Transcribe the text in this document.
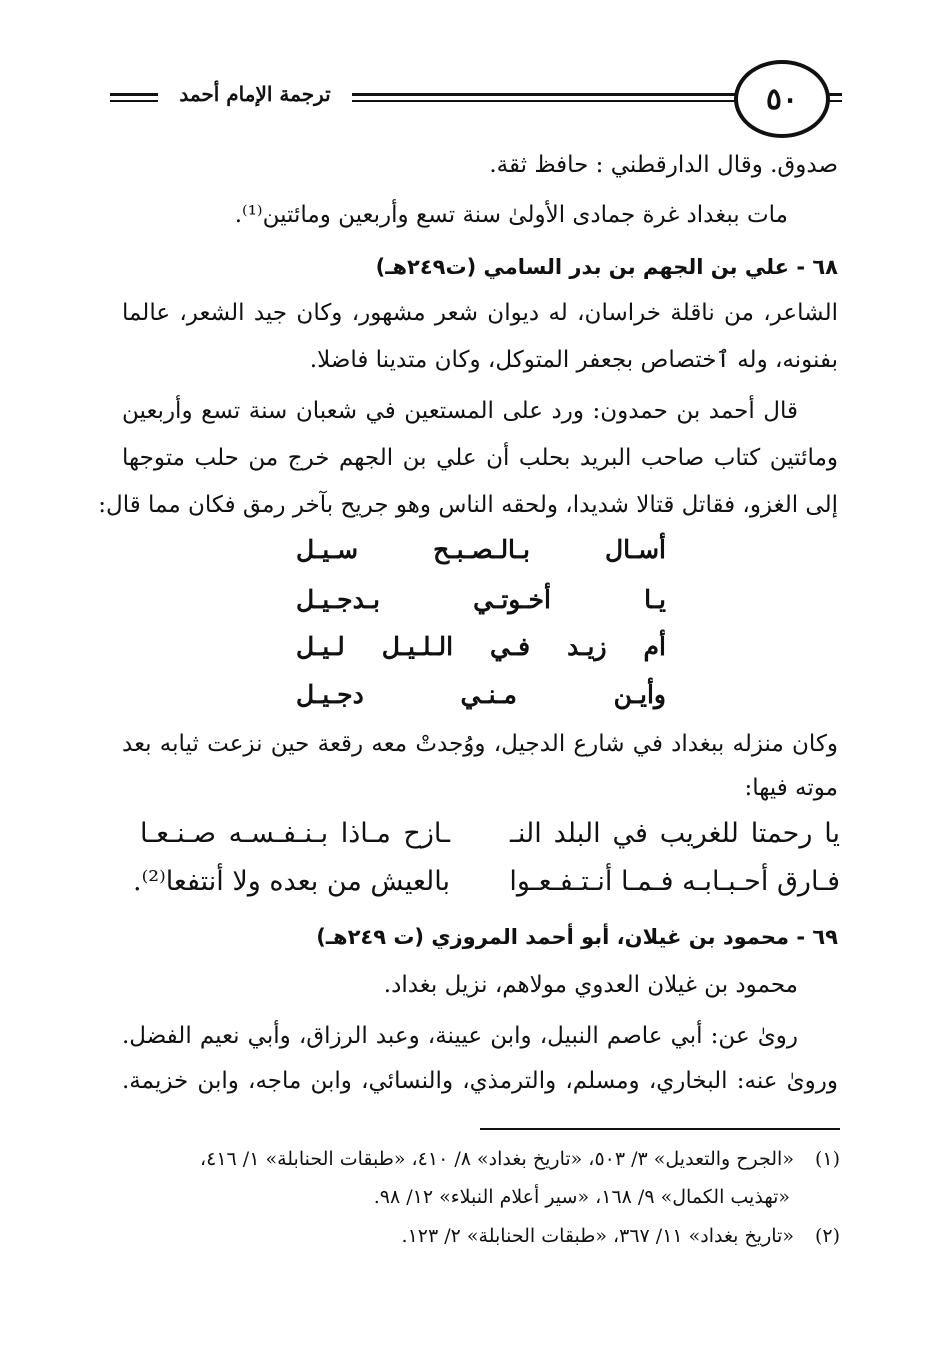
ترجمة الإمام أحمد	٥٠
صدوق. وقال الدارقطني : حافظ ثقة.
مات ببغداد غرة جمادى الأولىٰ سنة تسع وأربعين ومائتين⁽¹⁾.
٦٨ - علي بن الجهم بن بدر السامي (ت٢٤٩هـ)
الشاعر، من ناقلة خراسان، له ديوان شعر مشهور، وكان جيد الشعر، عالما
بفنونه، وله ٱختصاص بجعفر المتوكل، وكان متدينا فاضلا.
قال أحمد بن حمدون: ورد على المستعين في شعبان سنة تسع وأربعين
ومائتين كتاب صاحب البريد بحلب أن علي بن الجهم خرج من حلب متوجها
إلى الغزو، فقاتل قتالا شديدا، ولحقه الناس وهو جريح بآخر رمق فكان مما قال:
أسـال بـالـصـبـح سـيـل
يـا أخـوتـي بـدجـيـل
أم زيـد فـي الـلـيـل لـيـل
وأيـن مـنـي دجـيـل
وكان منزله ببغداد في شارع الدجيل، ووُجدتْ معه رقعة حين نزعت ثيابه بعد
موته فيها:
يا رحمتا للغريب في البلد النـ
ـازح مـاذا بـنـفـسـه صـنـعـا
فـارق أحـبـابـه فـمـا أنـتـفـعـوا
بالعيش من بعده ولا أنتفعا⁽²⁾.
٦٩ - محمود بن غيلان، أبو أحمد المروزي (ت ٢٤٩هـ)
محمود بن غيلان العدوي مولاهم، نزيل بغداد.
رویٰ عن: أبي عاصم النبيل، وابن عيينة، وعبد الرزاق، وأبي نعيم الفضل.
وروىٰ عنه: البخاري، ومسلم، والترمذي، والنسائي، وابن ماجه، وابن خزيمة.
(١) «الجرح والتعديل» ٣/ ٥٠٣، «تاريخ بغداد» ٨/ ٤١٠، «طبقات الحنابلة» ١/ ٤١٦،
«تهذيب الكمال» ٩/ ١٦٨، «سير أعلام النبلاء» ١٢/ ٩٨.
(٢) «تاريخ بغداد» ١١/ ٣٦٧، «طبقات الحنابلة» ٢/ ١٢٣.
